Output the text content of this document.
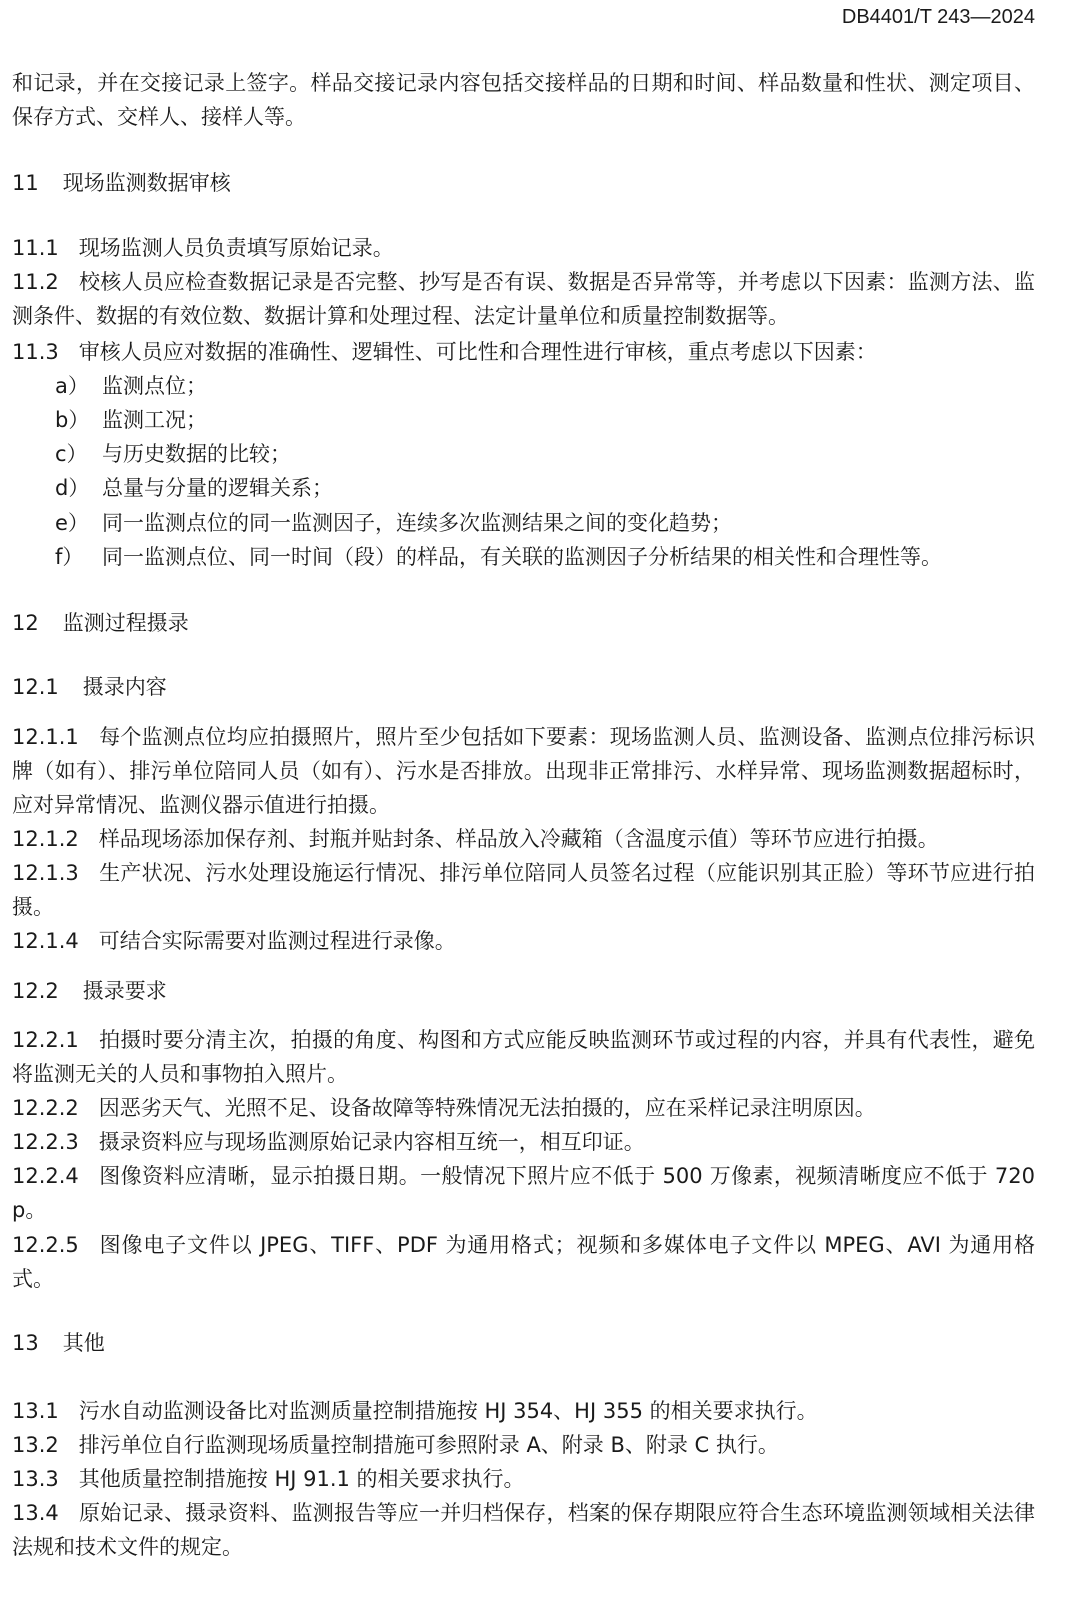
DB4401/T 243—2024
和记录，并在交接记录上签字。样品交接记录内容包括交接样品的日期和时间、样品数量和性状、测定项目、保存方式、交样人、接样人等。
11 现场监测数据审核
11.1 现场监测人员负责填写原始记录。
11.2 校核人员应检查数据记录是否完整、抄写是否有误、数据是否异常等，并考虑以下因素：监测方法、监测条件、数据的有效位数、数据计算和处理过程、法定计量单位和质量控制数据等。
11.3 审核人员应对数据的准确性、逻辑性、可比性和合理性进行审核，重点考虑以下因素：
a） 监测点位；
b） 监测工况；
c） 与历史数据的比较；
d） 总量与分量的逻辑关系；
e） 同一监测点位的同一监测因子，连续多次监测结果之间的变化趋势；
f） 同一监测点位、同一时间（段）的样品，有关联的监测因子分析结果的相关性和合理性等。
12 监测过程摄录
12.1 摄录内容
12.1.1 每个监测点位均应拍摄照片，照片至少包括如下要素：现场监测人员、监测设备、监测点位排污标识牌（如有）、排污单位陪同人员（如有）、污水是否排放。出现非正常排污、水样异常、现场监测数据超标时，应对异常情况、监测仪器示值进行拍摄。
12.1.2 样品现场添加保存剂、封瓶并贴封条、样品放入冷藏箱（含温度示值）等环节应进行拍摄。
12.1.3 生产状况、污水处理设施运行情况、排污单位陪同人员签名过程（应能识别其正脸）等环节应进行拍摄。
12.1.4 可结合实际需要对监测过程进行录像。
12.2 摄录要求
12.2.1 拍摄时要分清主次，拍摄的角度、构图和方式应能反映监测环节或过程的内容，并具有代表性，避免将监测无关的人员和事物拍入照片。
12.2.2 因恶劣天气、光照不足、设备故障等特殊情况无法拍摄的，应在采样记录注明原因。
12.2.3 摄录资料应与现场监测原始记录内容相互统一，相互印证。
12.2.4 图像资料应清晰，显示拍摄日期。一般情况下照片应不低于 500 万像素，视频清晰度应不低于 720 p。
12.2.5 图像电子文件以 JPEG、TIFF、PDF 为通用格式；视频和多媒体电子文件以 MPEG、AVI 为通用格式。
13 其他
13.1 污水自动监测设备比对监测质量控制措施按 HJ 354、HJ 355 的相关要求执行。
13.2 排污单位自行监测现场质量控制措施可参照附录 A、附录 B、附录 C 执行。
13.3 其他质量控制措施按 HJ 91.1 的相关要求执行。
13.4 原始记录、摄录资料、监测报告等应一并归档保存，档案的保存期限应符合生态环境监测领域相关法律法规和技术文件的规定。
